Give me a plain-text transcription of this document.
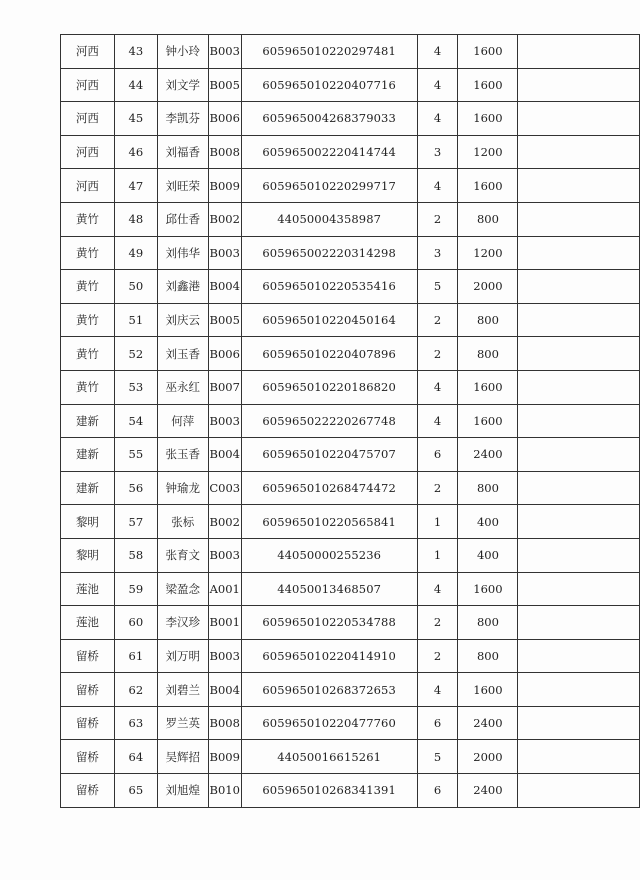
河西	43	钟小玲	B003	605965010220297481	4	1600	
河西	44	刘文学	B005	605965010220407716	4	1600	
河西	45	李凯芬	B006	605965004268379033	4	1600	
河西	46	刘福香	B008	605965002220414744	3	1200	
河西	47	刘旺荣	B009	605965010220299717	4	1600	
黄竹	48	邱仕香	B002	44050004358987	2	800	
黄竹	49	刘伟华	B003	605965002220314298	3	1200	
黄竹	50	刘鑫港	B004	605965010220535416	5	2000	
黄竹	51	刘庆云	B005	605965010220450164	2	800	
黄竹	52	刘玉香	B006	605965010220407896	2	800	
黄竹	53	巫永红	B007	605965010220186820	4	1600	
建新	54	何萍	B003	605965022220267748	4	1600	
建新	55	张玉香	B004	605965010220475707	6	2400	
建新	56	钟瑜龙	C003	605965010268474472	2	800	
黎明	57	张标	B002	605965010220565841	1	400	
黎明	58	张育文	B003	44050000255236	1	400	
莲池	59	梁盈念	A001	44050013468507	4	1600	
莲池	60	李汉珍	B001	605965010220534788	2	800	
留桥	61	刘万明	B003	605965010220414910	2	800	
留桥	62	刘碧兰	B004	605965010268372653	4	1600	
留桥	63	罗兰英	B008	605965010220477760	6	2400	
留桥	64	吴辉招	B009	44050016615261	5	2000	
留桥	65	刘旭煌	B010	605965010268341391	6	2400	
